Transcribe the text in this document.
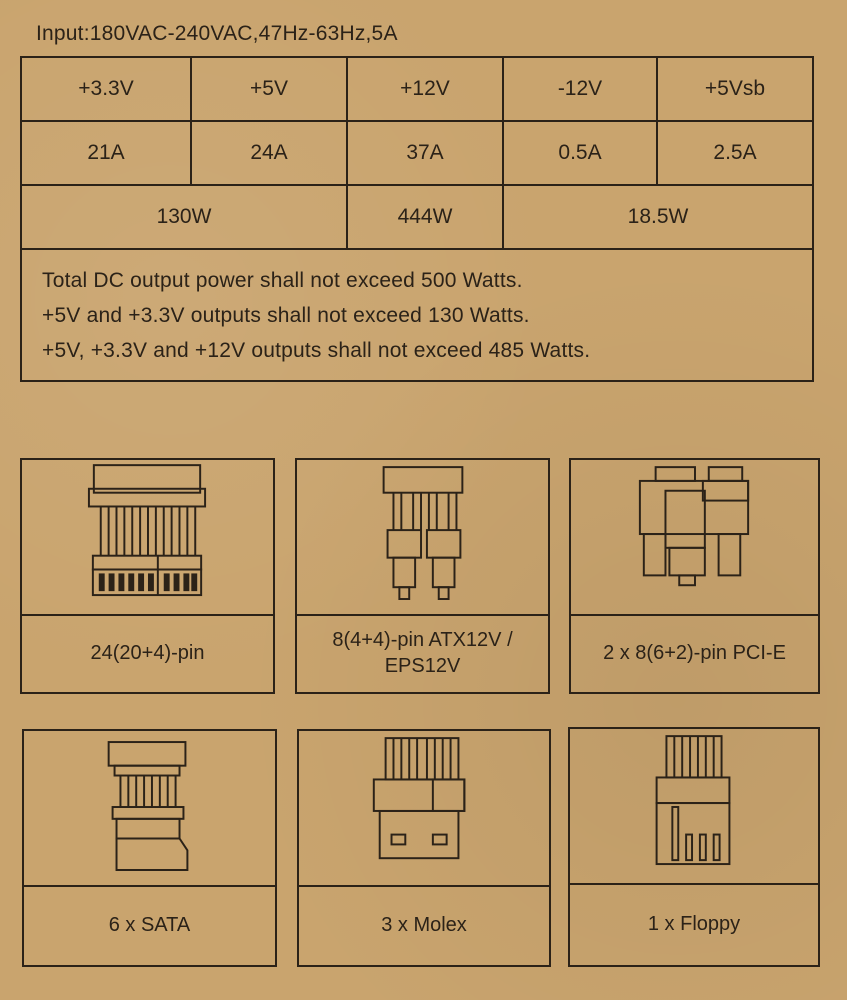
Input:180VAC-240VAC,47Hz-63Hz,5A
+3.3V	+5V	+12V	-12V	+5Vsb
21A	24A	37A	0.5A	2.5A
130W		444W	18.5W	

Total DC output power shall not exceed 500 Watts.
+5V and +3.3V outputs shall not exceed 130 Watts.
+5V, +3.3V and +12V outputs shall not exceed 485 Watts.				
24(20+4)-pin
8(4+4)-pin ATX12V /
EPS12V
2 x 8(6+2)-pin PCI-E
6 x SATA	3 x Molex	1 x Floppy
